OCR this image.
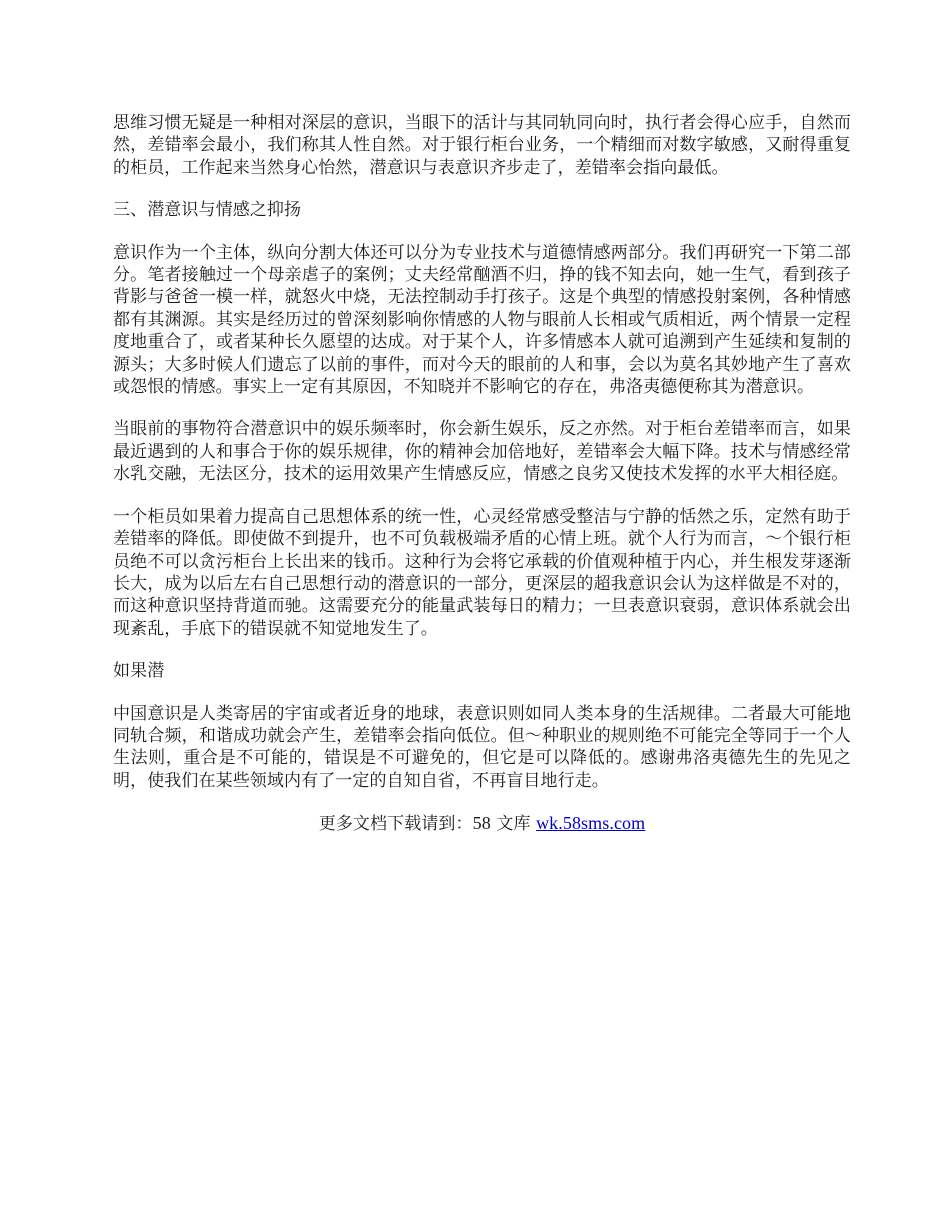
思维习惯无疑是一种相对深层的意识，当眼下的活计与其同轨同向时，执行者会得心应手，自然而然，差错率会最小，我们称其人性自然。对于银行柜台业务，一个精细而对数字敏感，又耐得重复的柜员，工作起来当然身心怡然，潜意识与表意识齐步走了，差错率会指向最低。

三、潜意识与情感之抑扬

意识作为一个主体，纵向分割大体还可以分为专业技术与道德情感两部分。我们再研究一下第二部分。笔者接触过一个母亲虐子的案例；丈夫经常酗酒不归，挣的钱不知去向，她一生气，看到孩子背影与爸爸一模一样，就怒火中烧，无法控制动手打孩子。这是个典型的情感投射案例，各种情感都有其渊源。其实是经历过的曾深刻影响你情感的人物与眼前人长相或气质相近，两个情景一定程度地重合了，或者某种长久愿望的达成。对于某个人，许多情感本人就可追溯到产生延续和复制的源头；大多时候人们遗忘了以前的事件，而对今天的眼前的人和事，会以为莫名其妙地产生了喜欢或怨恨的情感。事实上一定有其原因，不知晓并不影响它的存在，弗洛夷德便称其为潜意识。

当眼前的事物符合潜意识中的娱乐频率时，你会新生娱乐，反之亦然。对于柜台差错率而言，如果最近遇到的人和事合于你的娱乐规律，你的精神会加倍地好，差错率会大幅下降。技术与情感经常水乳交融，无法区分，技术的运用效果产生情感反应，情感之良劣又使技术发挥的水平大相径庭。

一个柜员如果着力提高自己思想体系的统一性，心灵经常感受整洁与宁静的恬然之乐，定然有助于差错率的降低。即使做不到提升，也不可负载极端矛盾的心情上班。就个人行为而言，～个银行柜员绝不可以贪污柜台上长出来的钱币。这种行为会将它承载的价值观种植于内心，并生根发芽逐渐长大，成为以后左右自己思想行动的潜意识的一部分，更深层的超我意识会认为这样做是不对的，而这种意识坚持背道而驰。这需要充分的能量武装每日的精力；一旦表意识衰弱，意识体系就会出现紊乱，手底下的错误就不知觉地发生了。

如果潜

中国意识是人类寄居的宇宙或者近身的地球，表意识则如同人类本身的生活规律。二者最大可能地同轨合频，和谐成功就会产生，差错率会指向低位。但～种职业的规则绝不可能完全等同于一个人生法则，重合是不可能的，错误是不可避免的，但它是可以降低的。感谢弗洛夷德先生的先见之明，使我们在某些领域内有了一定的自知自省，不再盲目地行走。

更多文档下载请到：58 文库 wk.58sms.com
